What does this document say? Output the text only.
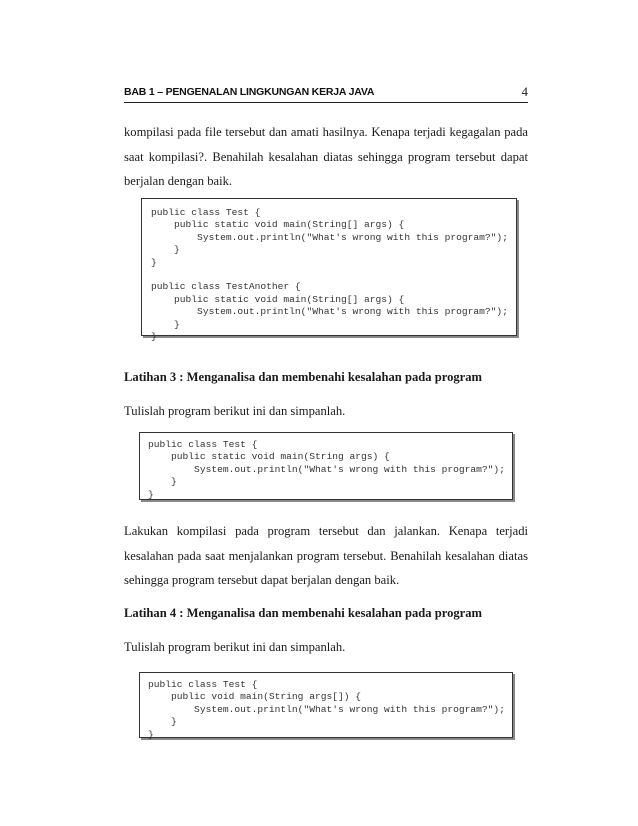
BAB 1 – PENGENALAN LINGKUNGAN KERJA JAVA	4

kompilasi pada file tersebut dan amati hasilnya. Kenapa terjadi kegagalan pada saat kompilasi?. Benahilah kesalahan diatas sehingga program tersebut dapat berjalan dengan baik.

public class Test {
public static void main(String[] args) {
System.out.println("What's wrong with this program?");
}
}
public class TestAnother {
public static void main(String[] args) {
System.out.println("What's wrong with this program?");
}
}

Latihan 3 : Menganalisa dan membenahi kesalahan pada program

Tulislah program berikut ini dan simpanlah.

public class Test {
public static void main(String args) {
System.out.println("What's wrong with this program?");
}
}

Lakukan kompilasi pada program tersebut dan jalankan. Kenapa terjadi kesalahan pada saat menjalankan program tersebut. Benahilah kesalahan diatas sehingga program tersebut dapat berjalan dengan baik.

Latihan 4 : Menganalisa dan membenahi kesalahan pada program

Tulislah program berikut ini dan simpanlah.

public class Test {
public void main(String args[]) {
System.out.println("What's wrong with this program?");
}
}
